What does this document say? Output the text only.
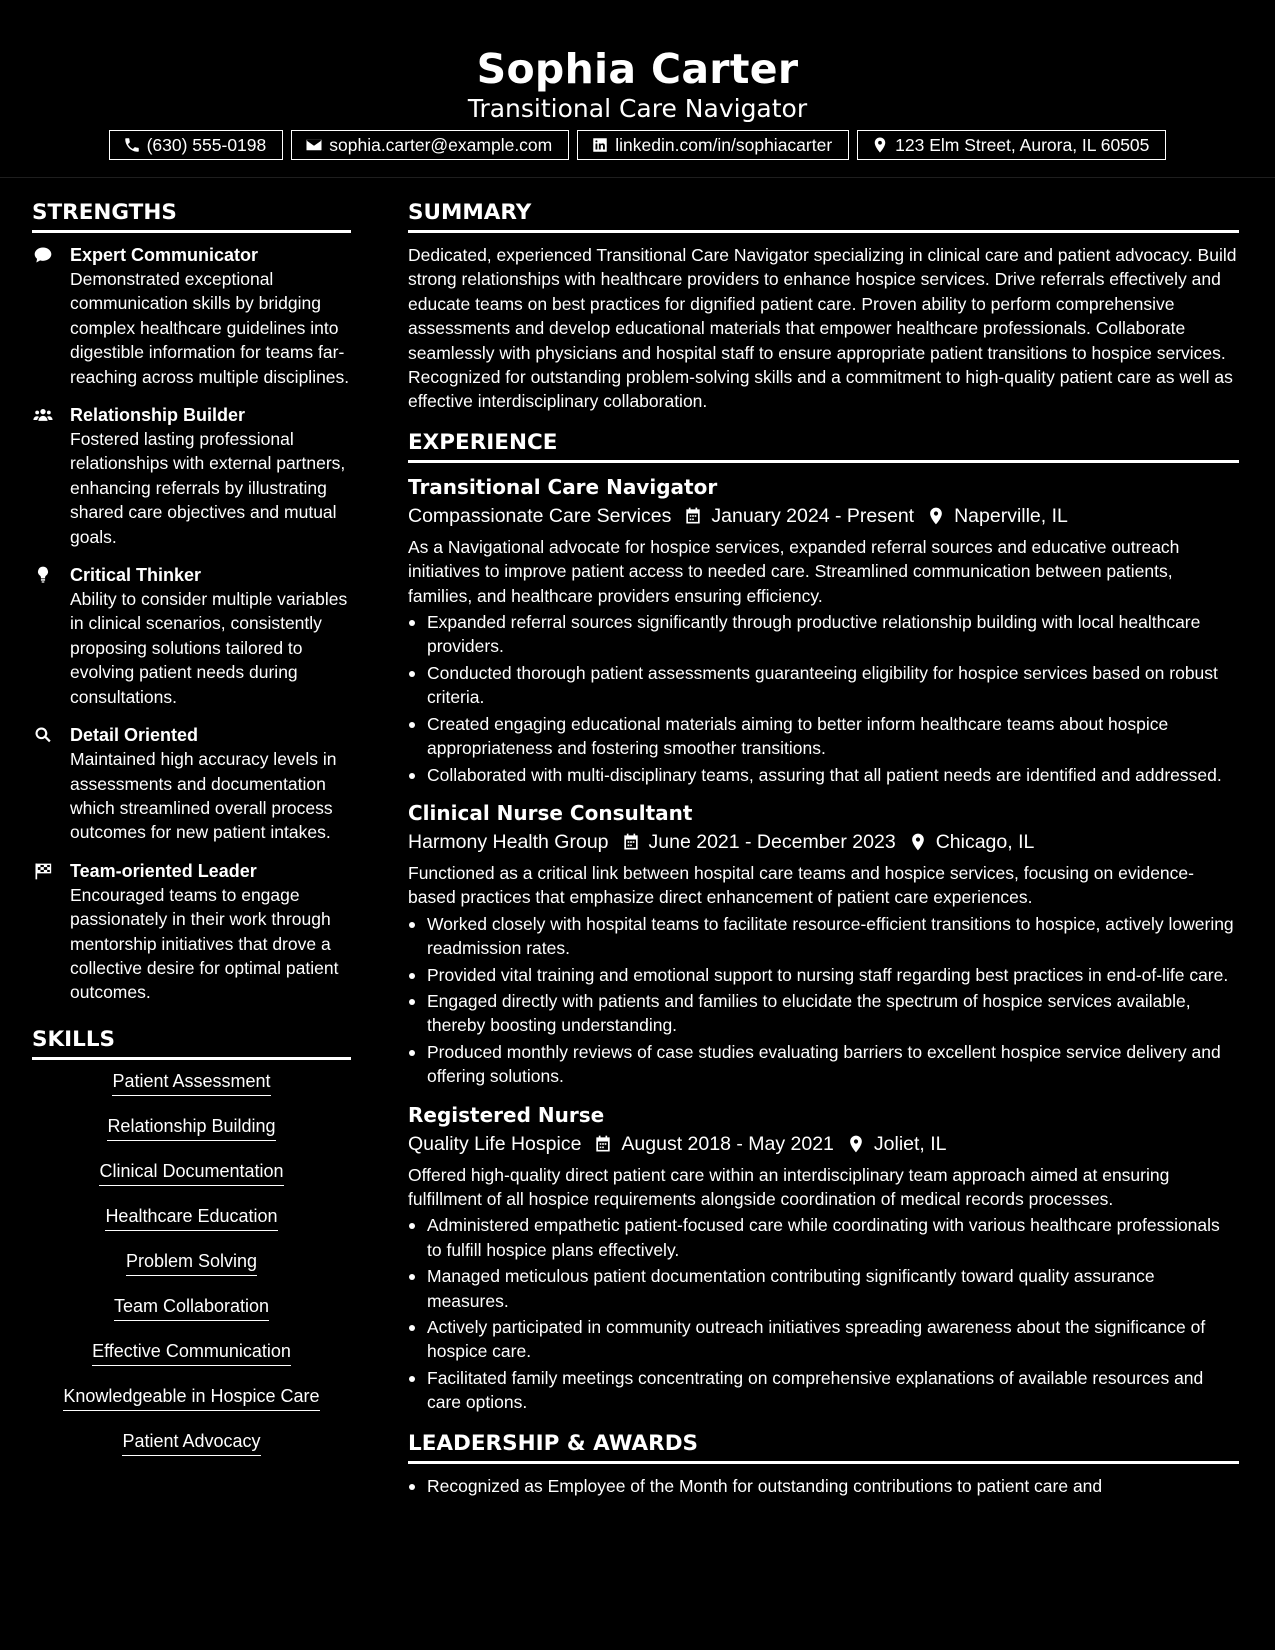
Sophia Carter
Transitional Care Navigator
(630) 555-0198	sophia.carter@example.com	linkedin.com/in/sophiacarter	123 Elm Street, Aurora, IL 60505
STRENGTHS
Expert Communicator
Demonstrated exceptional communication skills by bridging complex healthcare guidelines into digestible information for teams far-reaching across multiple disciplines.
Relationship Builder
Fostered lasting professional relationships with external partners, enhancing referrals by illustrating shared care objectives and mutual goals.
Critical Thinker
Ability to consider multiple variables in clinical scenarios, consistently proposing solutions tailored to evolving patient needs during consultations.
Detail Oriented
Maintained high accuracy levels in assessments and documentation which streamlined overall process outcomes for new patient intakes.
Team-oriented Leader
Encouraged teams to engage passionately in their work through mentorship initiatives that drove a collective desire for optimal patient outcomes.
SKILLS
Patient Assessment
Relationship Building
Clinical Documentation
Healthcare Education
Problem Solving
Team Collaboration
Effective Communication
Knowledgeable in Hospice Care
Patient Advocacy
SUMMARY
Dedicated, experienced Transitional Care Navigator specializing in clinical care and patient advocacy. Build strong relationships with healthcare providers to enhance hospice services. Drive referrals effectively and educate teams on best practices for dignified patient care. Proven ability to perform comprehensive assessments and develop educational materials that empower healthcare professionals. Collaborate seamlessly with physicians and hospital staff to ensure appropriate patient transitions to hospice services. Recognized for outstanding problem-solving skills and a commitment to high-quality patient care as well as effective interdisciplinary collaboration.
EXPERIENCE
Transitional Care Navigator
Compassionate Care Services January 2024 - Present Naperville, IL
As a Navigational advocate for hospice services, expanded referral sources and educative outreach initiatives to improve patient access to needed care. Streamlined communication between patients, families, and healthcare providers ensuring efficiency.
Expanded referral sources significantly through productive relationship building with local healthcare providers.
Conducted thorough patient assessments guaranteeing eligibility for hospice services based on robust criteria.
Created engaging educational materials aiming to better inform healthcare teams about hospice appropriateness and fostering smoother transitions.
Collaborated with multi-disciplinary teams, assuring that all patient needs are identified and addressed.
Clinical Nurse Consultant
Harmony Health Group June 2021 - December 2023 Chicago, IL
Functioned as a critical link between hospital care teams and hospice services, focusing on evidence-based practices that emphasize direct enhancement of patient care experiences.
Worked closely with hospital teams to facilitate resource-efficient transitions to hospice, actively lowering readmission rates.
Provided vital training and emotional support to nursing staff regarding best practices in end-of-life care.
Engaged directly with patients and families to elucidate the spectrum of hospice services available, thereby boosting understanding.
Produced monthly reviews of case studies evaluating barriers to excellent hospice service delivery and offering solutions.
Registered Nurse
Quality Life Hospice August 2018 - May 2021 Joliet, IL
Offered high-quality direct patient care within an interdisciplinary team approach aimed at ensuring fulfillment of all hospice requirements alongside coordination of medical records processes.
Administered empathetic patient-focused care while coordinating with various healthcare professionals to fulfill hospice plans effectively.
Managed meticulous patient documentation contributing significantly toward quality assurance measures.
Actively participated in community outreach initiatives spreading awareness about the significance of hospice care.
Facilitated family meetings concentrating on comprehensive explanations of available resources and care options.
LEADERSHIP & AWARDS
Recognized as Employee of the Month for outstanding contributions to patient care and
